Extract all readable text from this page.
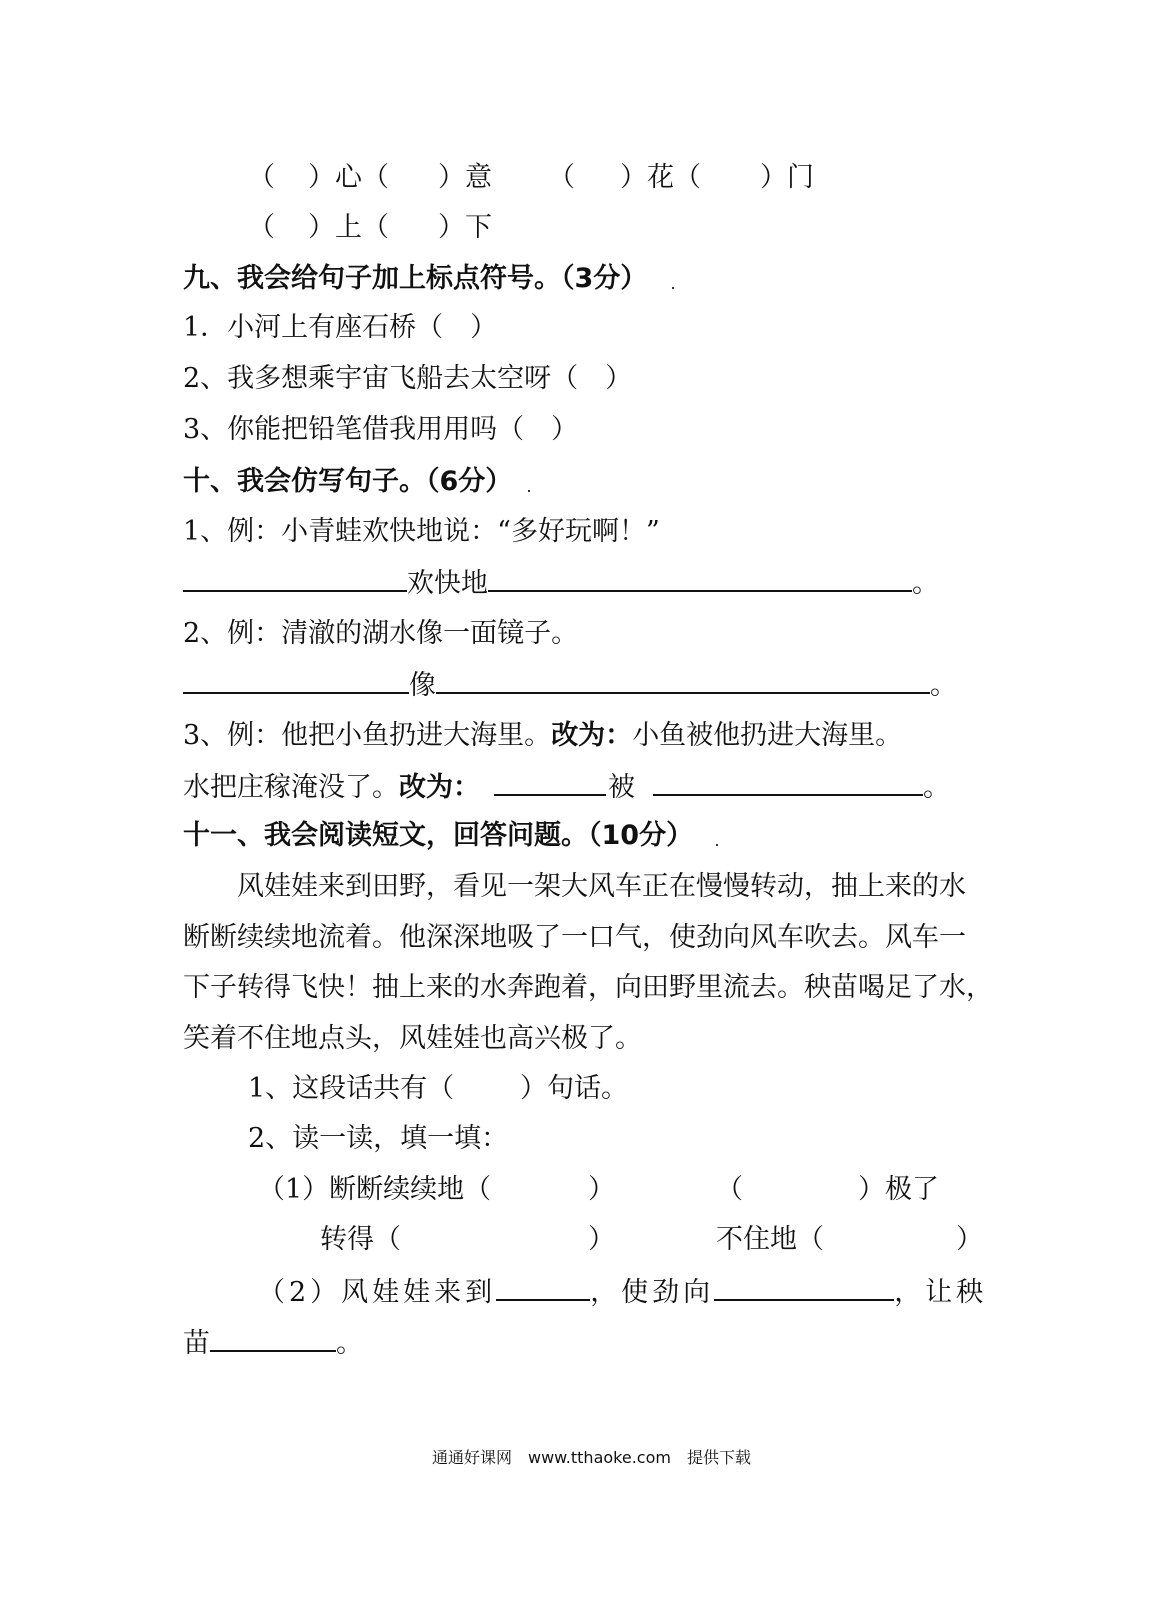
（ ）心（ ）意 （ ）花（ ）门
（ ）上（ ）下
九、我会给句子加上标点符号。（3分）
1．小河上有座石桥（　）
2、我多想乘宇宙飞船去太空呀（　）
3、你能把铅笔借我用用吗（　）
十、我会仿写句子。（6分）
1、例：小青蛙欢快地说：“多好玩啊！”
欢快地	。
2、例：清澈的湖水像一面镜子。
像	。
3、例：他把小鱼扔进大海里。改为：小鱼被他扔进大海里。
水把庄稼淹没了。改为：	被	。
十一、我会阅读短文，回答问题。（10分）
风娃娃来到田野，看见一架大风车正在慢慢转动，抽上来的水
断断续续地流着。他深深地吸了一口气，使劲向风车吹去。风车一
下子转得飞快！抽上来的水奔跑着，向田野里流去。秧苗喝足了水，
笑着不住地点头，风娃娃也高兴极了。
1、这段话共有（ ）句话。
2、读一读，填一填：
（1）断断续续地（	）	（	）极了
转得（	）	不住地（	）
（2）风娃娃来到	，使劲向	，让秧
苗	。
通通好课网　www.tthaoke.com　提供下载
